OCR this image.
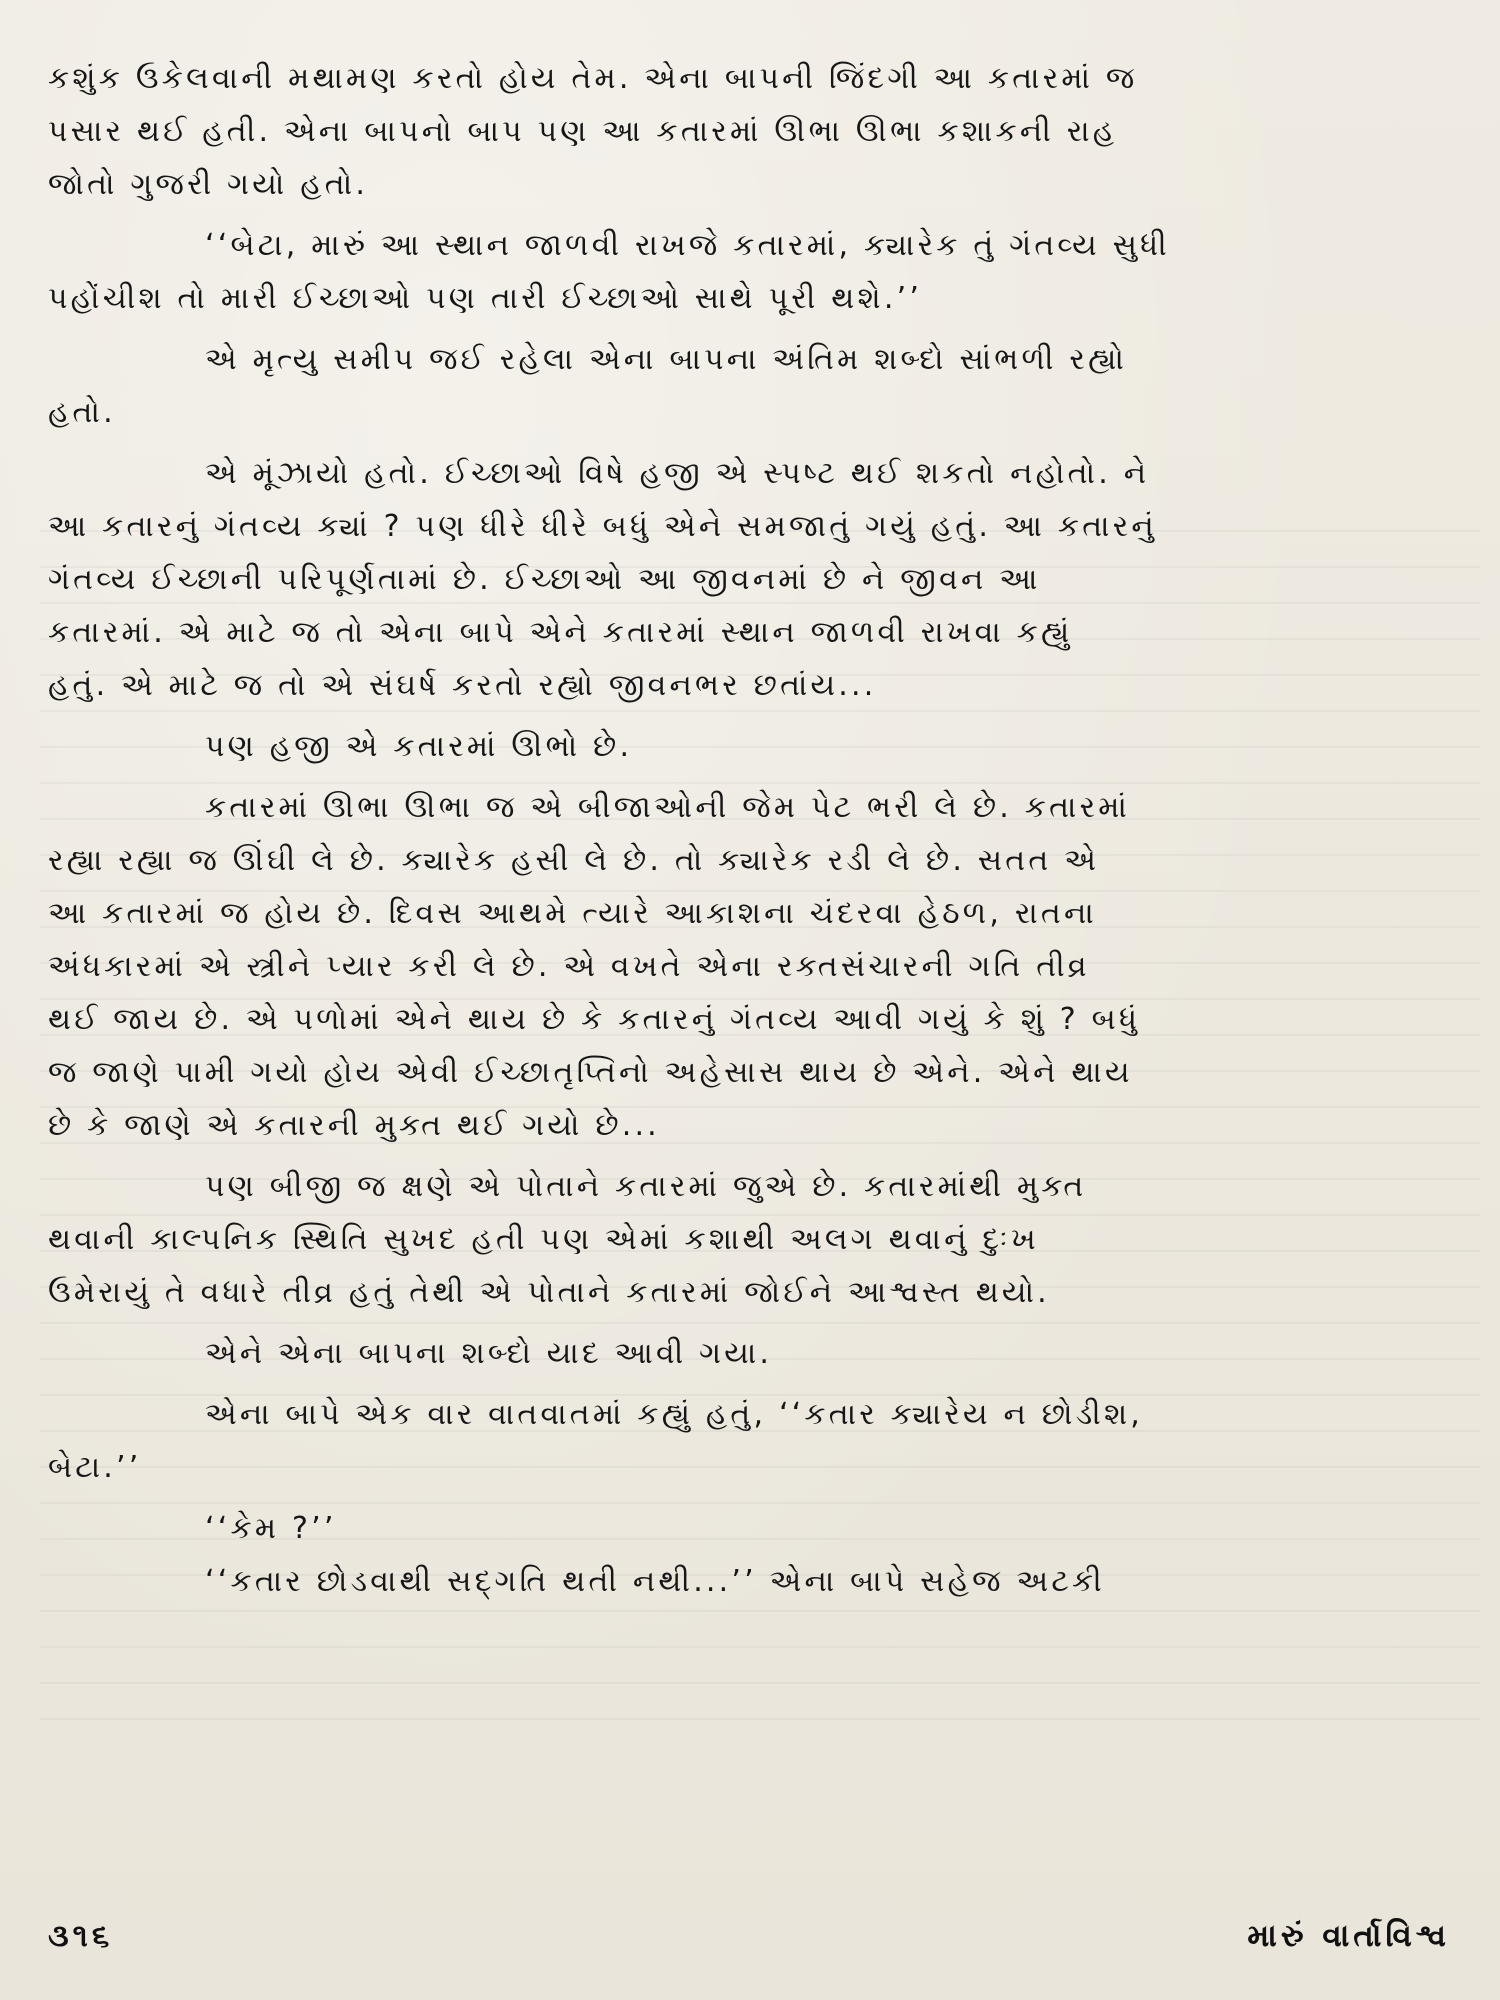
કશુંક ઉકેલવાની મથામણ કરતો હોય તેમ. એના બાપની જિંદગી આ કતારમાં જ

પસાર થઈ હતી. એના બાપનો બાપ પણ આ કતારમાં ઊભા ઊભા કશાકની રાહ

જોતો ગુજરી ગયો હતો.

‘‘બેટા, મારું આ સ્થાન જાળવી રાખજે કતારમાં, ક્યારેક તું ગંતવ્ય સુધી

પહોંચીશ તો મારી ઈચ્છાઓ પણ તારી ઈચ્છાઓ સાથે પૂરી થશે.’’

એ મૃત્યુ સમીપ જઈ રહેલા એના બાપના અંતિમ શબ્દો સાંભળી રહ્યો

હતો.

એ મૂંઝાયો હતો. ઈચ્છાઓ વિષે હજી એ સ્પષ્ટ થઈ શકતો નહોતો. ને

આ કતારનું ગંતવ્ય ક્યાં ? પણ ધીરે ધીરે બધું એને સમજાતું ગયું હતું. આ કતારનું

ગંતવ્ય ઈચ્છાની પરિપૂર્ણતામાં છે. ઈચ્છાઓ આ જીવનમાં છે ને જીવન આ

કતારમાં. એ માટે જ તો એના બાપે એને કતારમાં સ્થાન જાળવી રાખવા કહ્યું

હતું. એ માટે જ તો એ સંઘર્ષ કરતો રહ્યો જીવનભર છતાંય...

પણ હજી એ કતારમાં ઊભો છે.

કતારમાં ઊભા ઊભા જ એ બીજાઓની જેમ પેટ ભરી લે છે. કતારમાં

રહ્યા રહ્યા જ ઊંઘી લે છે. ક્યારેક હસી લે છે. તો ક્યારેક રડી લે છે. સતત એ

આ કતારમાં જ હોય છે. દિવસ આથમે ત્યારે આકાશના ચંદરવા હેઠળ, રાતના

અંધકારમાં એ સ્ત્રીને પ્યાર કરી લે છે. એ વખતે એના રક્તસંચારની ગતિ તીવ્ર

થઈ જાય છે. એ પળોમાં એને થાય છે કે કતારનું ગંતવ્ય આવી ગયું કે શું ? બધું

જ જાણે પામી ગયો હોય એવી ઈચ્છાતૃપ્તિનો અહેસાસ થાય છે એને. એને થાય

છે કે જાણે એ કતારની મુક્ત થઈ ગયો છે...

પણ બીજી જ ક્ષણે એ પોતાને કતારમાં જુએ છે. કતારમાંથી મુક્ત

થવાની કાલ્પનિક સ્થિતિ સુખદ હતી પણ એમાં કશાથી અલગ થવાનું દુઃખ

ઉમેરાયું તે વધારે તીવ્ર હતું તેથી એ પોતાને કતારમાં જોઈને આશ્વસ્ત થયો.

એને એના બાપના શબ્દો યાદ આવી ગયા.

એના બાપે એક વાર વાતવાતમાં કહ્યું હતું, ‘‘કતાર ક્યારેય ન છોડીશ,

બેટા.’’

‘‘કેમ ?’’

‘‘કતાર છોડવાથી સદ્ગતિ થતી નથી...’’ એના બાપે સહેજ અટકી

૩૧૬	મારું વાર્તાવિશ્વ
